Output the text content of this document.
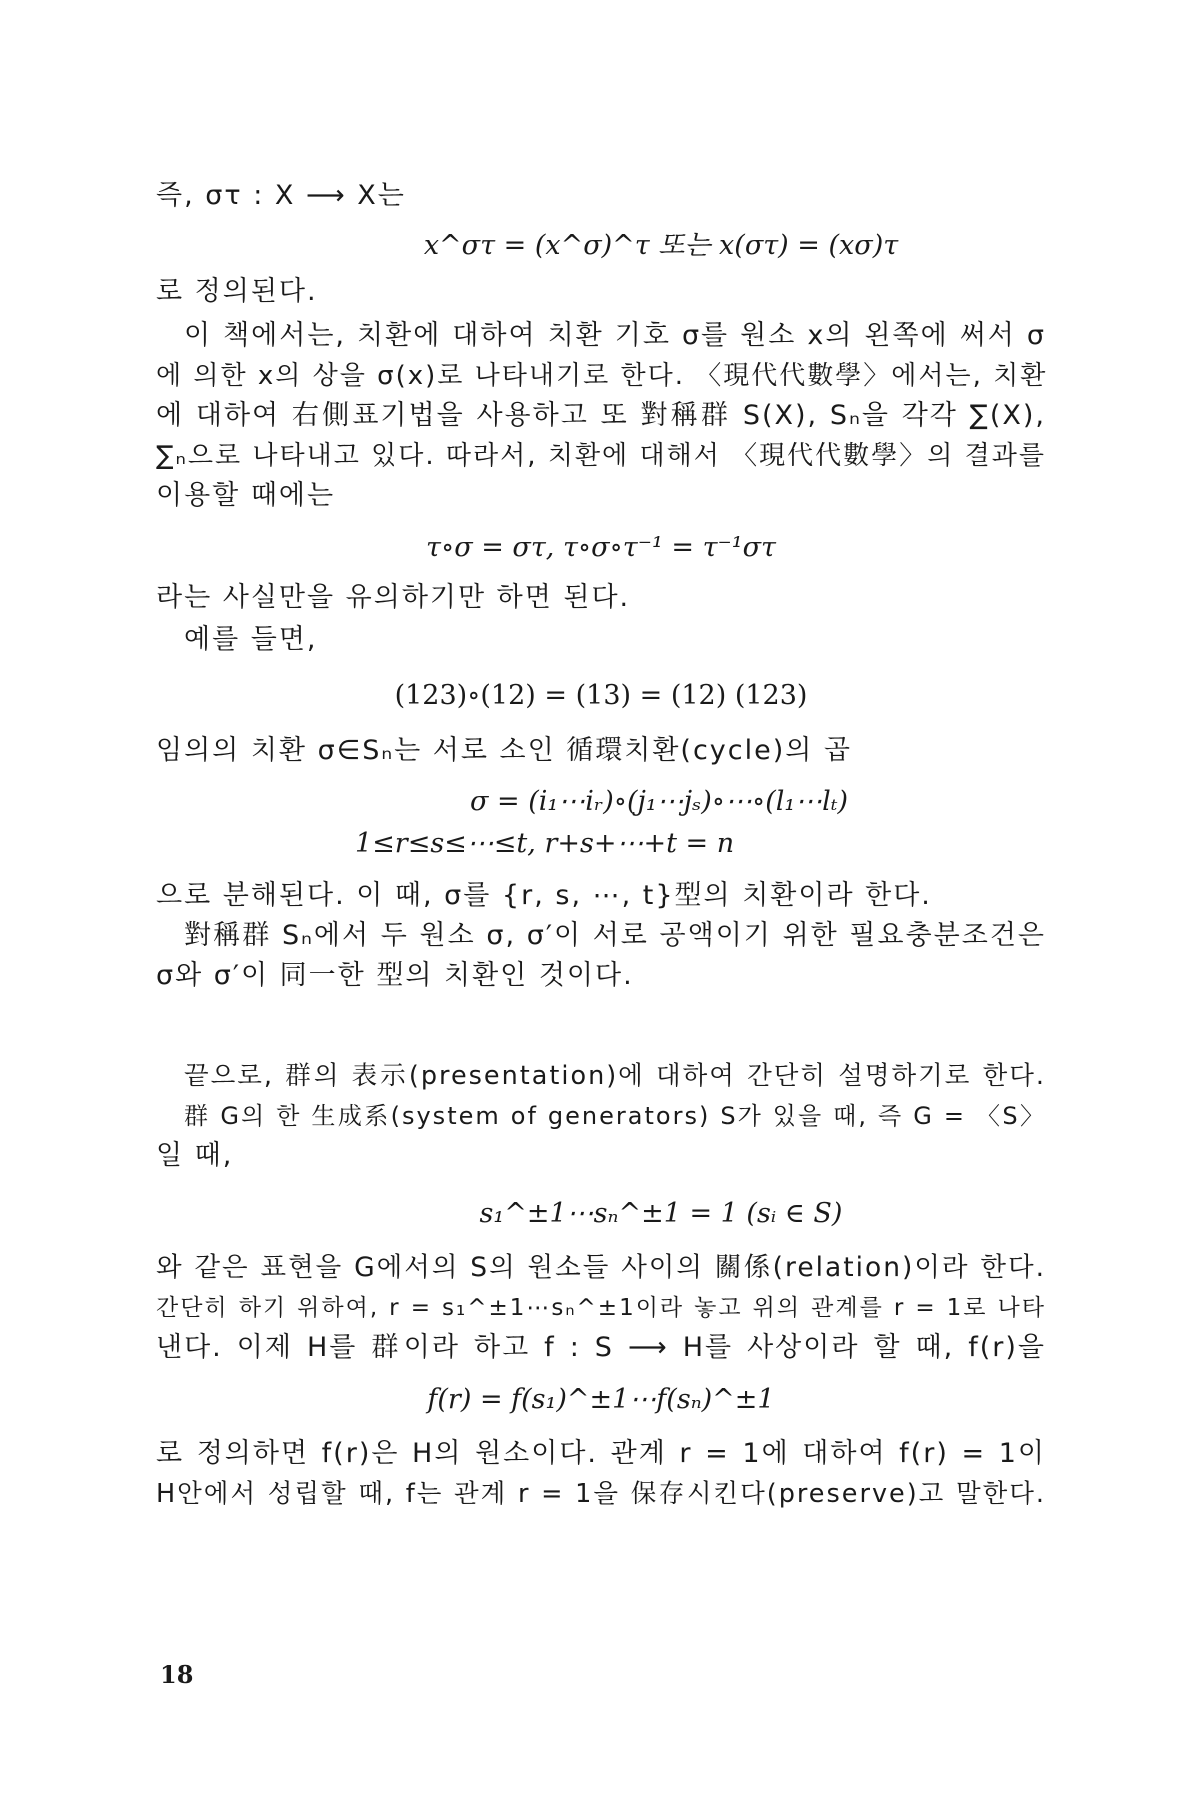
즉, στ : X ⟶ X는
x^στ = (x^σ)^τ 또는 x(στ) = (xσ)τ
로 정의된다.
이 책에서는, 치환에 대하여 치환 기호 σ를 원소 x의 왼쪽에 써서 σ
에 의한 x의 상을 σ(x)로 나타내기로 한다. 〈現代代數學〉에서는, 치환
에 대하여 右側표기법을 사용하고 또 對稱群 S(X), Sₙ을 각각 ∑(X),
∑ₙ으로 나타내고 있다. 따라서, 치환에 대해서 〈現代代數學〉의 결과를
이용할 때에는
τ∘σ = στ, τ∘σ∘τ⁻¹ = τ⁻¹στ
라는 사실만을 유의하기만 하면 된다.
예를 들면,
(123)∘(12) = (13) = (12) (123)
임의의 치환 σ∈Sₙ는 서로 소인 循環치환(cycle)의 곱
σ = (i₁⋯iᵣ)∘(j₁⋯jₛ)∘⋯∘(l₁⋯lₜ)
1≤r≤s≤⋯≤t, r+s+⋯+t = n
으로 분해된다. 이 때, σ를 {r, s, ⋯, t}型의 치환이라 한다.
對稱群 Sₙ에서 두 원소 σ, σ′이 서로 공액이기 위한 필요충분조건은
σ와 σ′이 同一한 型의 치환인 것이다.
끝으로, 群의 表示(presentation)에 대하여 간단히 설명하기로 한다.
群 G의 한 生成系(system of generators) S가 있을 때, 즉 G = 〈S〉
일 때,
s₁^±1⋯sₙ^±1 = 1 (sᵢ ∈ S)
와 같은 표현을 G에서의 S의 원소들 사이의 關係(relation)이라 한다.
간단히 하기 위하여, r = s₁^±1⋯sₙ^±1이라 놓고 위의 관계를 r = 1로 나타
낸다. 이제 H를 群이라 하고 f : S ⟶ H를 사상이라 할 때, f(r)을
f(r) = f(s₁)^±1⋯f(sₙ)^±1
로 정의하면 f(r)은 H의 원소이다. 관계 r = 1에 대하여 f(r) = 1이
H안에서 성립할 때, f는 관계 r = 1을 保存시킨다(preserve)고 말한다.
18
